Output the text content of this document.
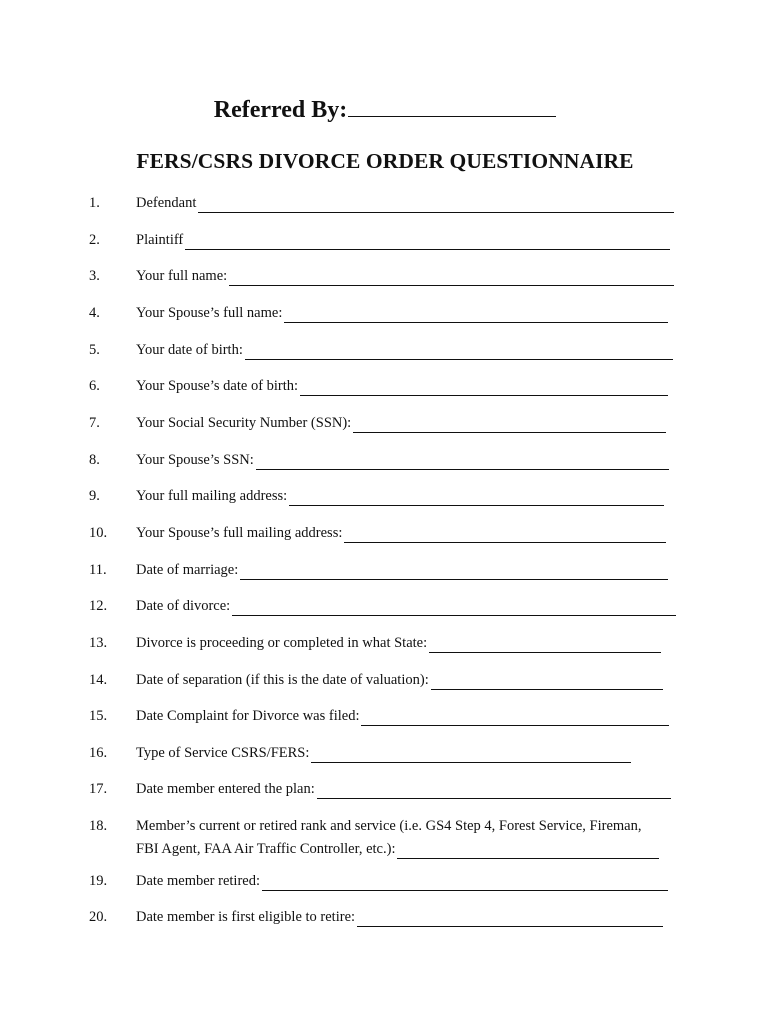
Referred By:
FERS/CSRS DIVORCE ORDER QUESTIONNAIRE
1. Defendant
2. Plaintiff
3. Your full name:
4. Your Spouse’s full name:
5. Your date of birth:
6. Your Spouse’s date of birth:
7. Your Social Security Number (SSN):
8. Your Spouse’s SSN:
9. Your full mailing address:
10. Your Spouse’s full mailing address:
11. Date of marriage:
12. Date of divorce:
13. Divorce is proceeding or completed in what State:
14. Date of separation (if this is the date of valuation):
15. Date Complaint for Divorce was filed:
16. Type of Service CSRS/FERS:
17. Date member entered the plan:
18. Member’s current or retired rank and service (i.e. GS4 Step 4, Forest Service, Fireman,
FBI Agent, FAA Air Traffic Controller, etc.):
19. Date member retired:
20. Date member is first eligible to retire:
